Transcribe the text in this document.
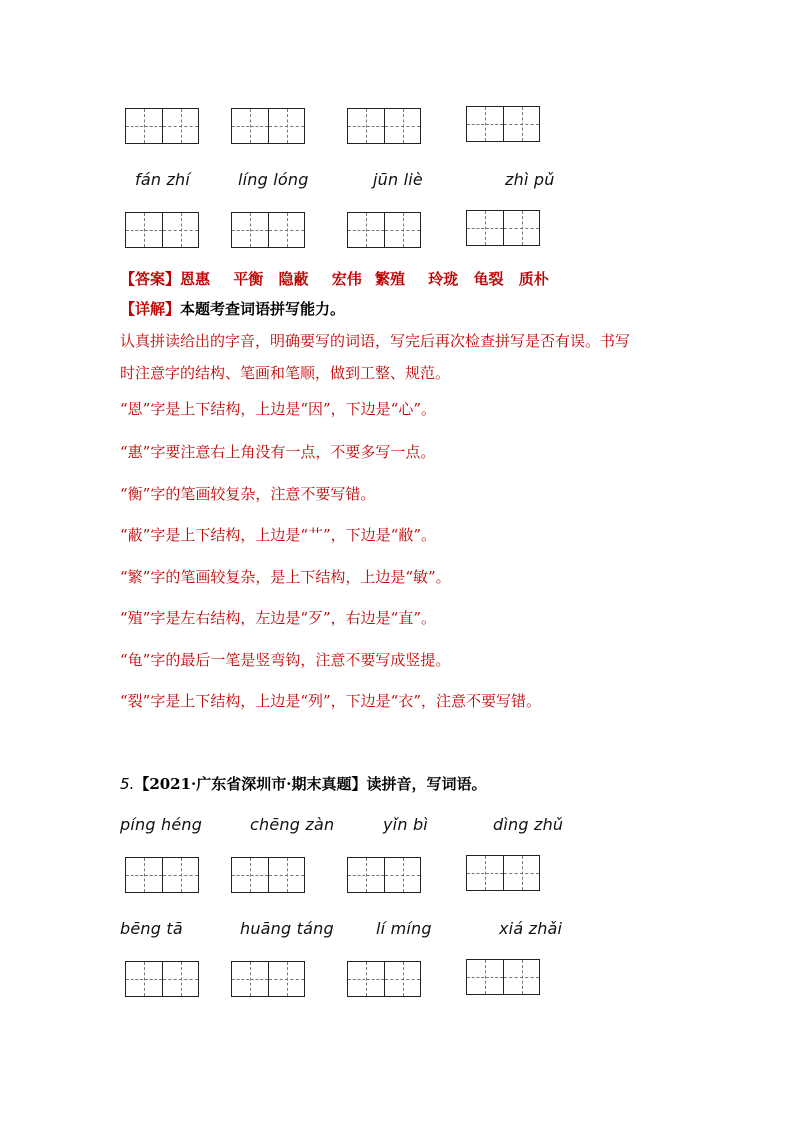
fán zhí	líng lóng	jūn liè	zhì pǔ
【答案】恩惠 平衡 隐蔽 宏伟 繁殖 玲珑 龟裂 质朴
【详解】本题考查词语拼写能力。
认真拼读给出的字音，明确要写的词语，写完后再次检查拼写是否有误。书写
时注意字的结构、笔画和笔顺，做到工整、规范。
“恩”字是上下结构，上边是“因”，下边是“心”。
“惠”字要注意右上角没有一点，不要多写一点。
“衡”字的笔画较复杂，注意不要写错。
“蔽”字是上下结构，上边是“艹”，下边是“敝”。
“繁”字的笔画较复杂，是上下结构，上边是“敏”。
“殖”字是左右结构，左边是“歹”，右边是“直”。
“龟”字的最后一笔是竖弯钩，注意不要写成竖提。
“裂”字是上下结构，上边是“列”，下边是“衣”，注意不要写错。
5.【2021·广东省深圳市·期末真题】读拼音，写词语。
píng héng	chēng zàn	yǐn bì	dìng zhǔ
bēng tā	huāng táng	lí míng	xiá zhǎi
